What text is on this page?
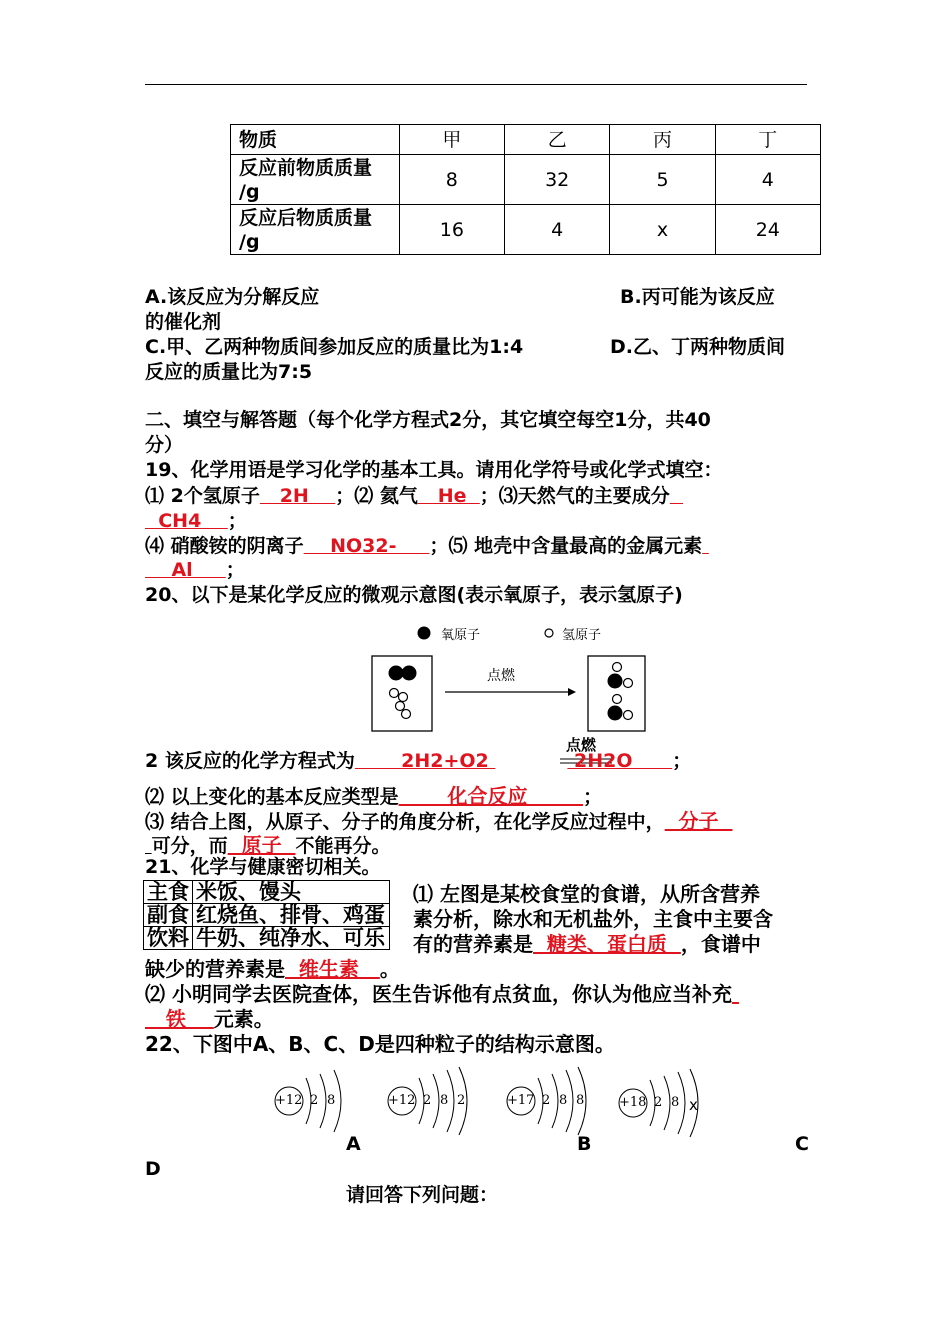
物质	甲	乙	丙	丁
反应前物质质量
/g	8	32	5	4
反应后物质质量
/g	16	4	x	24
A.该反应为分解反应	B.丙可能为该反应
的催化剂
C.甲、乙两种物质间参加反应的质量比为1:4	D.乙、丁两种物质间
反应的质量比为7:5
二、填空与解答题（每个化学方程式2分，其它填空每空1分，共40
分）
19、化学用语是学习化学的基本工具。请用化学符号或化学式填空：
⑴ 2个氢原子   2H    ；⑵ 氦气   He  ；⑶天然气的主要成分
CH4    ；
⑷ 硝酸铵的阴离子    NO32-     ；⑸ 地壳中含量最高的金属元素
Al     ；
20、以下是某化学反应的微观示意图(表示氧原子，表示氢原子)
氧原子	氢原子
点燃
2 该反应的化学方程式为       2H2+O2	2H2O      ；
点燃
⑵ 以上变化的基本反应类型是       化合反应        ；
⑶ 结合上图，从原子、分子的角度分析，在化学反应过程中，  分子
可分，而  原子  不能再分。
21、化学与健康密切相关。
主食	米饭、馒头
副食	红烧鱼、排骨、鸡蛋
饮料	牛奶、纯净水、可乐
⑴ 左图是某校食堂的食谱，从所含营养
素分析，除水和无机盐外，主食中主要含
有的营养素是  糖类、蛋白质  ，食谱中
缺少的营养素是  维生素   。
⑵ 小明同学去医院查体，医生告诉他有点贫血，你认为他应当补充
铁    元素。
22、下图中A、B、C、D是四种粒子的结构示意图。
+12 2 8	+12 2 8 2	+17 2 8 8	+18 2 8 x
A	B	C
D
请回答下列问题：
